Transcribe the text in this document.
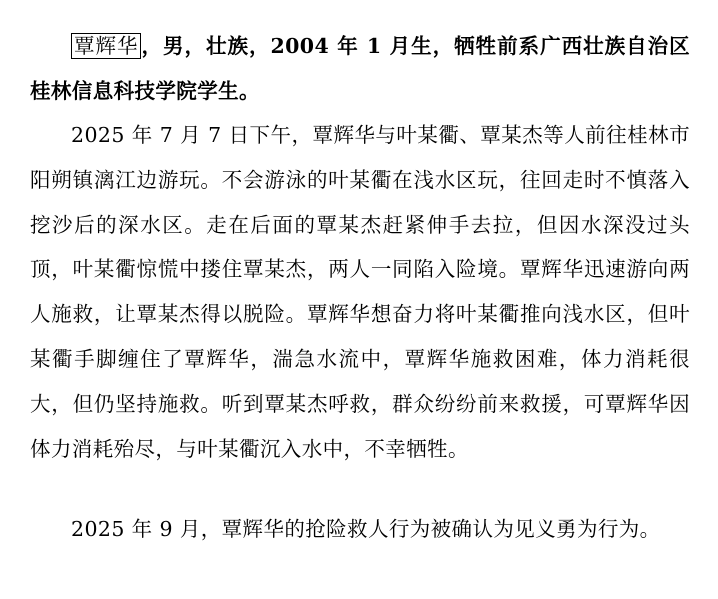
覃辉华 ，男，壮族，2004 年 1 月生，牺牲前系广西壮族自治区桂林信息科技学院学生。

2025 年 7 月 7 日下午，覃辉华与叶某衢、覃某杰等人前往桂林市阳朔镇漓江边游玩。不会游泳的叶某衢在浅水区玩，往回走时不慎落入挖沙后的深水区。走在后面的覃某杰赶紧伸手去拉，但因水深没过头顶，叶某衢惊慌中搂住覃某杰，两人一同陷入险境。覃辉华迅速游向两人施救，让覃某杰得以脱险。覃辉华想奋力将叶某衢推向浅水区，但叶某衢手脚缠住了覃辉华，湍急水流中，覃辉华施救困难，体力消耗很大，但仍坚持施救。听到覃某杰呼救，群众纷纷前来救援，可覃辉华因体力消耗殆尽，与叶某衢沉入水中，不幸牺牲。

2025 年 9 月，覃辉华的抢险救人行为被确认为见义勇为行为。
